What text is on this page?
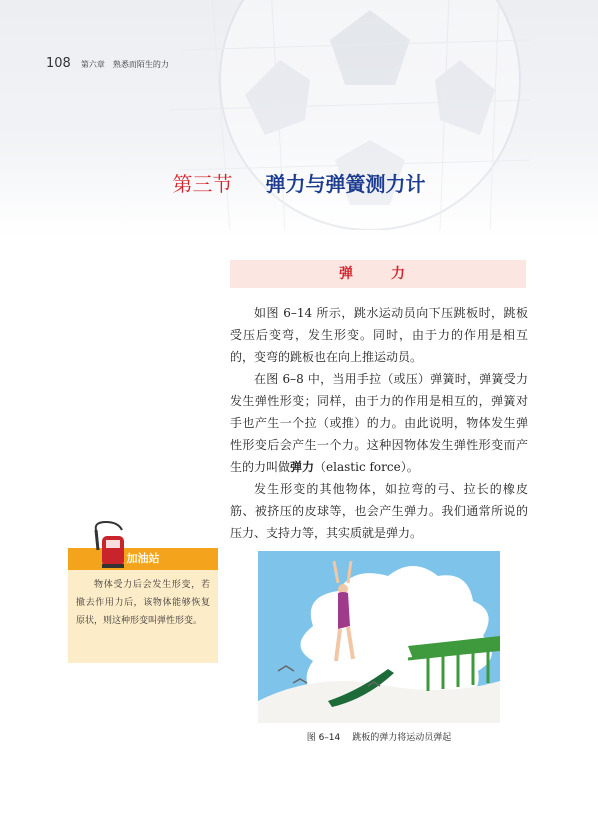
108 第六章　熟悉而陌生的力
第三节 弹力与弹簧测力计
弹　力

如图 6–14 所示，跳水运动员向下压跳板时，跳板受压后变弯，发生形变。同时，由于力的作用是相互的，变弯的跳板也在向上推运动员。

在图 6–8 中，当用手拉（或压）弹簧时，弹簧受力发生弹性形变；同样，由于力的作用是相互的，弹簧对手也产生一个拉（或推）的力。由此说明，物体发生弹性形变后会产生一个力。这种因物体发生弹性形变而产生的力叫做弹力（elastic force）。

发生形变的其他物体，如拉弯的弓、拉长的橡皮筋、被挤压的皮球等，也会产生弹力。我们通常所说的压力、支持力等，其实质就是弹力。

加油站

物体受力后会发生形变，若撤去作用力后，该物体能够恢复原状，则这种形变叫弹性形变。

图 6–14 跳板的弹力将运动员弹起
